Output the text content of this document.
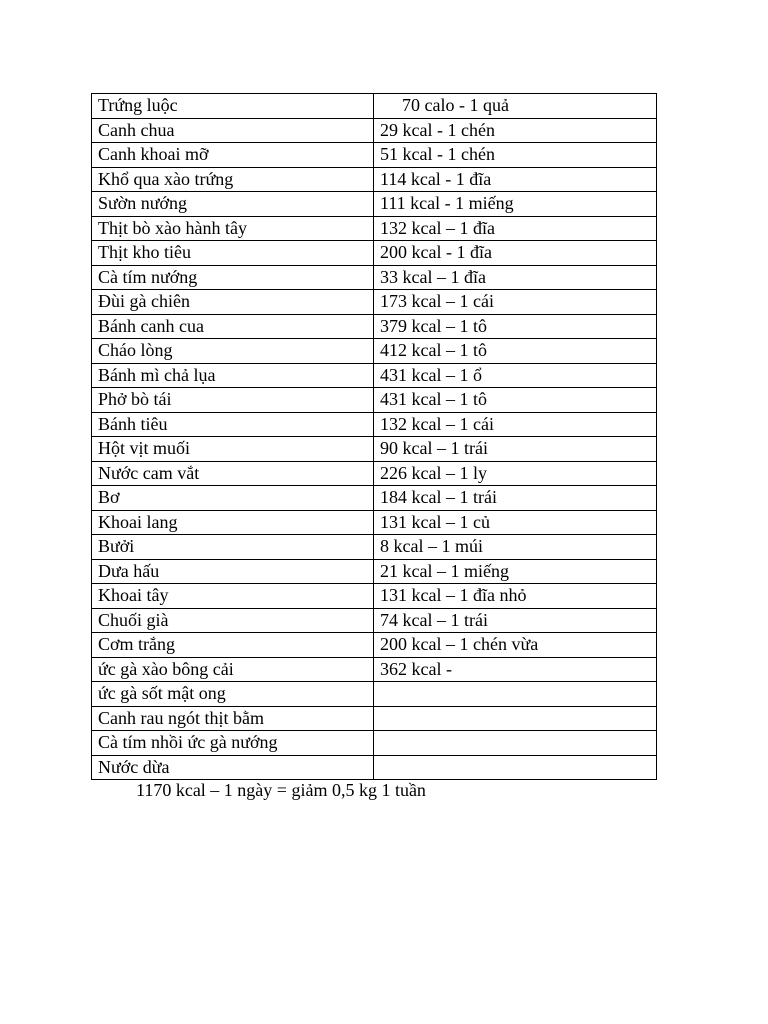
Trứng luộc	70 calo - 1 quả
Canh chua	29 kcal - 1 chén
Canh khoai mỡ	51 kcal - 1 chén
Khổ qua xào trứng	114 kcal - 1 đĩa
Sườn nướng	111 kcal - 1 miếng
Thịt bò xào hành tây	132 kcal – 1 đĩa
Thịt kho tiêu	200 kcal - 1 đĩa
Cà tím nướng	33 kcal – 1 đĩa
Đùi gà chiên	173 kcal – 1 cái
Bánh canh cua	379 kcal – 1 tô
Cháo lòng	412 kcal – 1 tô
Bánh mì chả lụa	431 kcal – 1 ổ
Phở bò tái	431 kcal – 1 tô
Bánh tiêu	132 kcal – 1 cái
Hột vịt muối	90 kcal – 1 trái
Nước cam vắt	226 kcal – 1 ly
Bơ	184 kcal – 1 trái
Khoai lang	131 kcal – 1 củ
Bưởi	8 kcal – 1 múi
Dưa hấu	21 kcal – 1 miếng
Khoai tây	131 kcal – 1 đĩa nhỏ
Chuối già	74 kcal – 1 trái
Cơm trắng	200 kcal – 1 chén vừa
ức gà xào bông cải	362 kcal -
ức gà sốt mật ong	
Canh rau ngót thịt bằm	
Cà tím nhồi ức gà nướng	
Nước dừa	
1170 kcal – 1 ngày = giảm 0,5 kg 1 tuần
